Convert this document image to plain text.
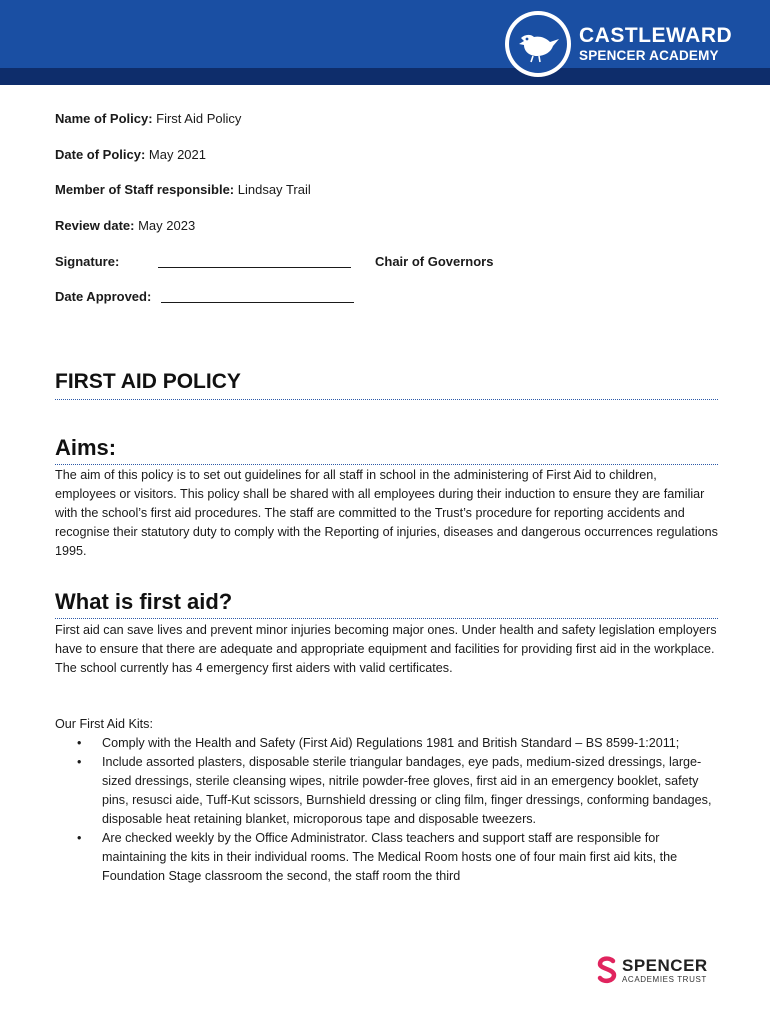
CASTLEWARD
SPENCER ACADEMY
Name of Policy: First Aid Policy
Date of Policy: May 2021
Member of Staff responsible: Lindsay Trail
Review date: May 2023
Signature:	Chair of Governors
Date Approved:
FIRST AID POLICY
Aims:
The aim of this policy is to set out guidelines for all staff in school in the administering of First Aid to children, employees or visitors. This policy shall be shared with all employees during their induction to ensure they are familiar with the school’s first aid procedures. The staff are committed to the Trust’s procedure for reporting accidents and recognise their statutory duty to comply with the Reporting of injuries, diseases and dangerous occurrences regulations 1995.
What is first aid?
First aid can save lives and prevent minor injuries becoming major ones. Under health and safety legislation employers have to ensure that there are adequate and appropriate equipment and facilities for providing first aid in the workplace. The school currently has 4 emergency first aiders with valid certificates.
Our First Aid Kits:
• Comply with the Health and Safety (First Aid) Regulations 1981 and British Standard – BS 8599-1:2011;
• Include assorted plasters, disposable sterile triangular bandages, eye pads, medium-sized dressings, large-sized dressings, sterile cleansing wipes, nitrile powder-free gloves, first aid in an emergency booklet, safety pins, resusci aide, Tuff-Kut scissors, Burnshield dressing or cling film, finger dressings, conforming bandages, disposable heat retaining blanket, microporous tape and disposable tweezers.
• Are checked weekly by the Office Administrator. Class teachers and support staff are responsible for maintaining the kits in their individual rooms. The Medical Room hosts one of four main first aid kits, the Foundation Stage classroom the second, the staff room the third
SPENCER
ACADEMIES TRUST
